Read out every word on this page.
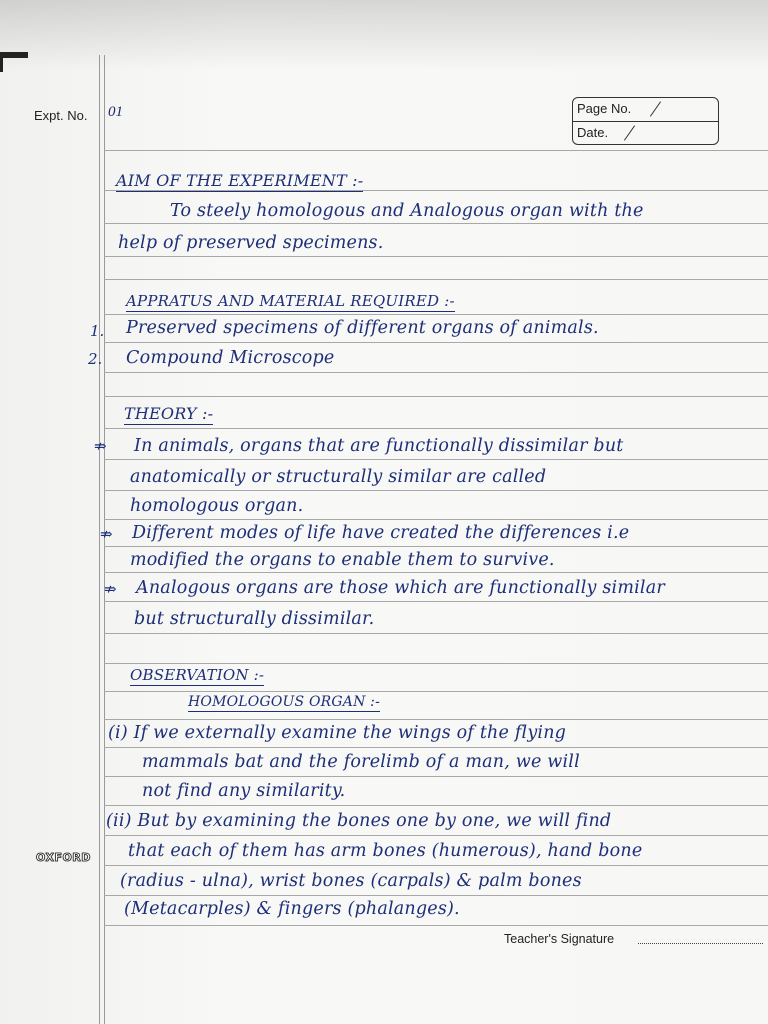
Expt. No. 01	Page No.
Date.
AIM OF THE EXPERIMENT :-
To steely homologous and Analogous organ with the
help of preserved specimens.
APPRATUS AND MATERIAL REQUIRED :-
1. Preserved specimens of different organs of animals.
2. Compound Microscope
THEORY :-
⇏ In animals, organs that are functionally dissimilar but
anatomically or structurally similar are called
homologous organ.
⇏ Different modes of life have created the differences i.e
modified the organs to enable them to survive.
⇏ Analogous organs are those which are functionally similar
but structurally dissimilar.
OBSERVATION :-
HOMOLOGOUS ORGAN :-
(i) If we externally examine the wings of the flying
mammals bat and the forelimb of a man, we will
not find any similarity.
(ii) But by examining the bones one by one, we will find
that each of them has arm bones (humerous), hand bone
(radius - ulna), wrist bones (carpals) & palm bones
(Metacarples) & fingers (phalanges).
OXFORD
Teacher's Signature
